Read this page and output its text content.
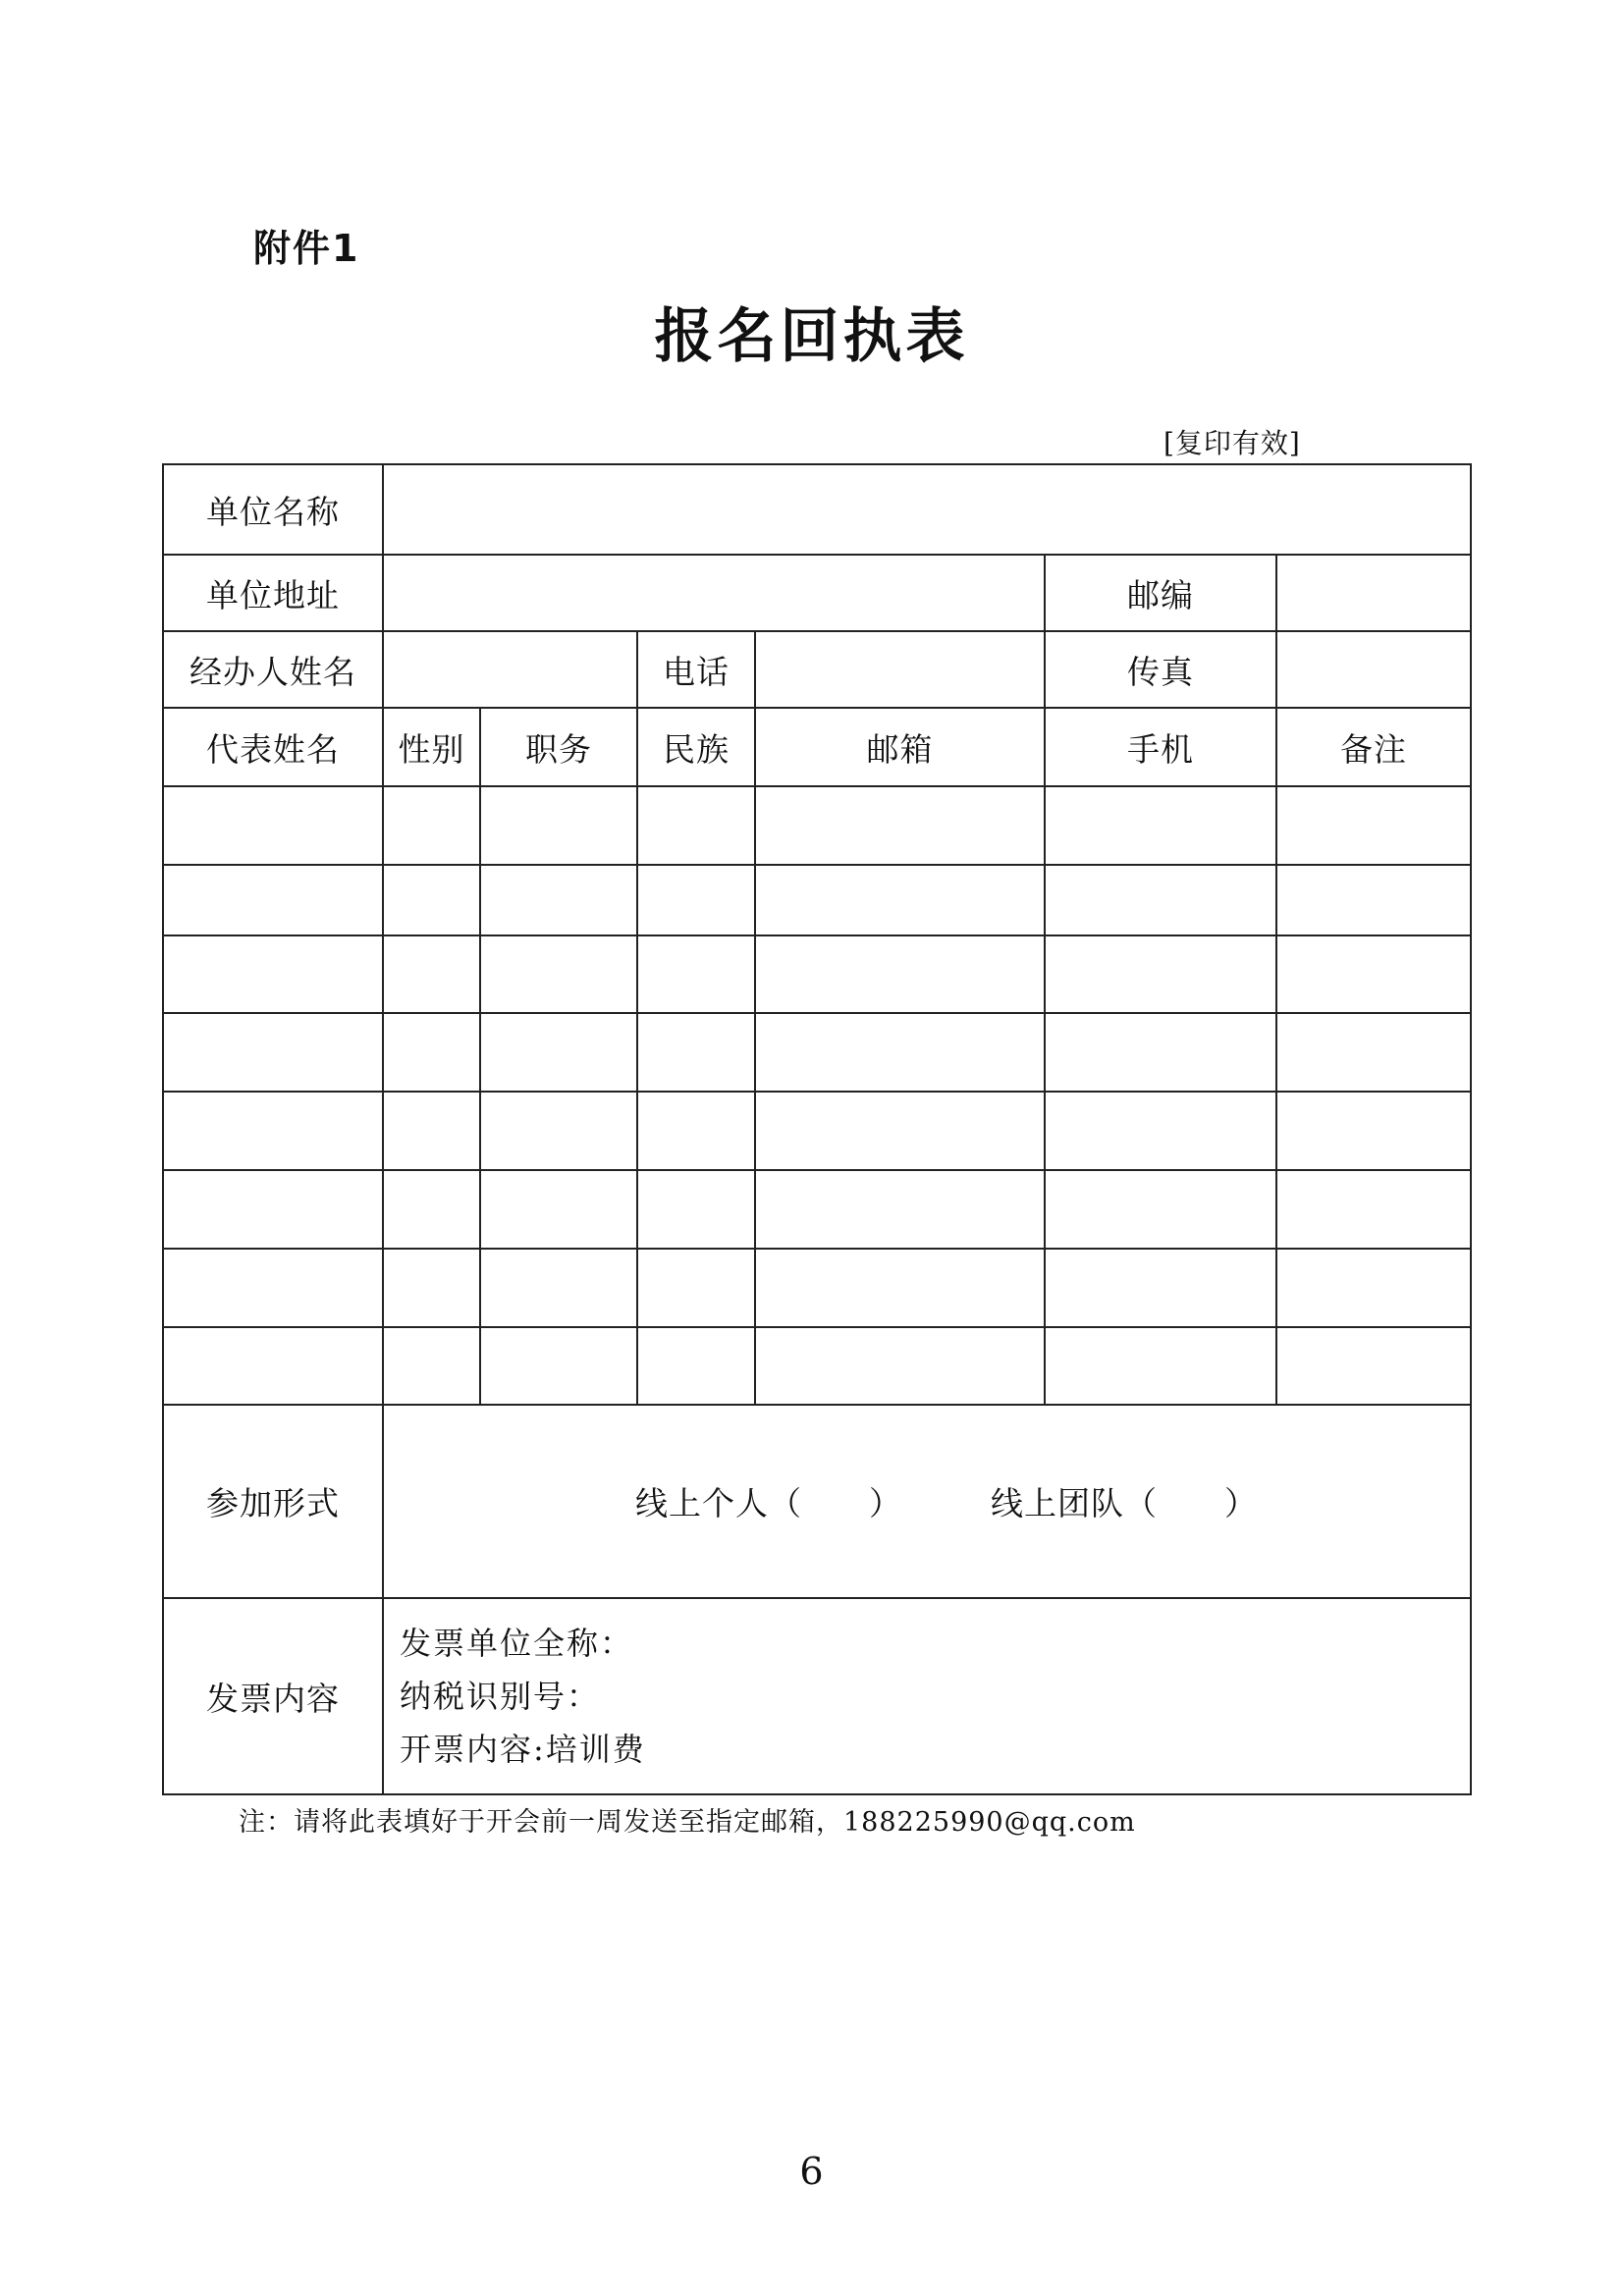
附件1
报名回执表
[复印有效]
单位名称						
单位地址					邮编	
经办人姓名			电话		传真	
代表姓名	性别	职务	民族	邮箱	手机	备注

参加形式	线上个人（　　） 线上团队（　　）					

发票内容	发票单位全称：
纳税识别号：
开票内容:培训费					
注：请将此表填好于开会前一周发送至指定邮箱，188225990@qq.com
6
